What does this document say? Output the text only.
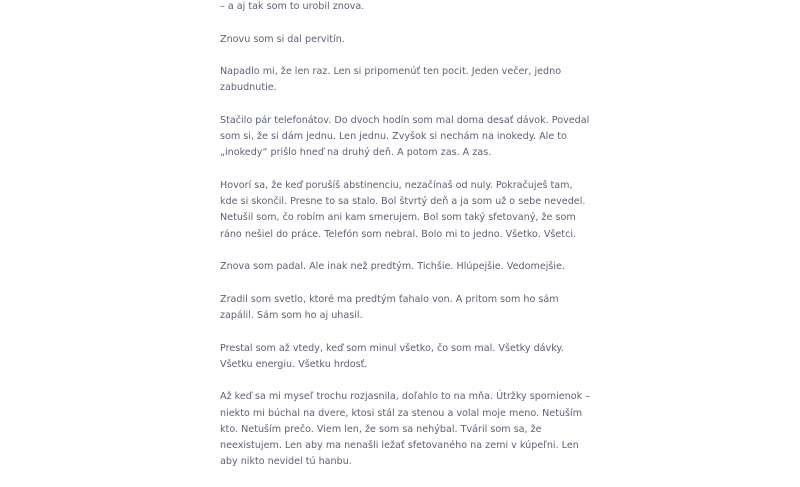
– a aj tak som to urobil znova.

Znovu som si dal pervitín.

Napadlo mi, že len raz. Len si pripomenúť ten pocit. Jeden večer, jedno zabudnutie.

Stačilo pár telefonátov. Do dvoch hodín som mal doma desať dávok. Povedal som si, že si dám jednu. Len jednu. Zvyšok si nechám na inokedy. Ale to „inokedy“ prišlo hneď na druhý deň. A potom zas. A zas.

Hovorí sa, že keď porušíš abstinenciu, nezačínaš od nuly. Pokračuješ tam, kde si skončil. Presne to sa stalo. Bol štvrtý deň a ja som už o sebe nevedel. Netušil som, čo robím ani kam smerujem. Bol som taký sfetovaný, že som ráno nešiel do práce. Telefón som nebral. Bolo mi to jedno. Všetko. Všetci.

Znova som padal. Ale inak než predtým. Tichšie. Hlúpejšie. Vedomejšie.

Zradil som svetlo, ktoré ma predtým ťahalo von. A pritom som ho sám zapálil. Sám som ho aj uhasil.

Prestal som až vtedy, keď som minul všetko, čo som mal. Všetky dávky. Všetku energiu. Všetku hrdosť.

Až keď sa mi myseľ trochu rozjasnila, doľahlo to na mňa. Útržky spomienok – niekto mi búchal na dvere, ktosi stál za stenou a volal moje meno. Netuším kto. Netuším prečo. Viem len, že som sa nehýbal. Tváril som sa, že neexistujem. Len aby ma nenašli ležať sfetovaného na zemi v kúpeľni. Len aby nikto nevidel tú hanbu.
